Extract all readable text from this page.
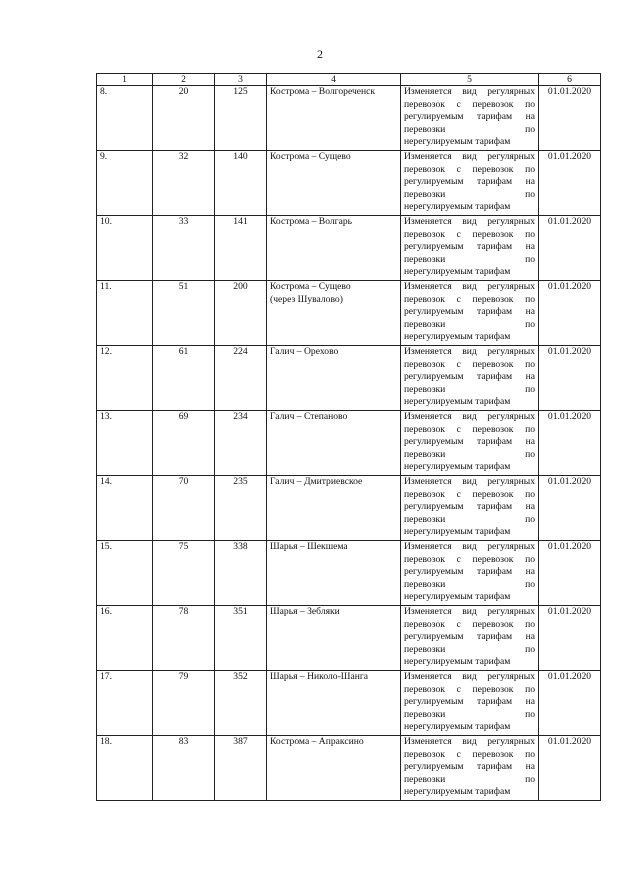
2
1	2	3	4	5	6
8.	20	125	Кострома – Волгореченск	Изменяется вид регулярных
перевозок с перевозок по
регулируемым тарифам на
перевозки по
нерегулируемым тарифам	01.01.2020
9.	32	140	Кострома – Сущево	Изменяется вид регулярных
перевозок с перевозок по
регулируемым тарифам на
перевозки по
нерегулируемым тарифам	01.01.2020
10.	33	141	Кострома – Волгарь	Изменяется вид регулярных
перевозок с перевозок по
регулируемым тарифам на
перевозки по
нерегулируемым тарифам	01.01.2020
11.	51	200	Кострома – Сущево
(через Шувалово)	Изменяется вид регулярных
перевозок с перевозок по
регулируемым тарифам на
перевозки по
нерегулируемым тарифам	01.01.2020
12.	61	224	Галич – Орехово	Изменяется вид регулярных
перевозок с перевозок по
регулируемым тарифам на
перевозки по
нерегулируемым тарифам	01.01.2020
13.	69	234	Галич – Степаново	Изменяется вид регулярных
перевозок с перевозок по
регулируемым тарифам на
перевозки по
нерегулируемым тарифам	01.01.2020
14.	70	235	Галич – Дмитриевское	Изменяется вид регулярных
перевозок с перевозок по
регулируемым тарифам на
перевозки по
нерегулируемым тарифам	01.01.2020
15.	75	338	Шарья – Шекшема	Изменяется вид регулярных
перевозок с перевозок по
регулируемым тарифам на
перевозки по
нерегулируемым тарифам	01.01.2020
16.	78	351	Шарья – Зебляки	Изменяется вид регулярных
перевозок с перевозок по
регулируемым тарифам на
перевозки по
нерегулируемым тарифам	01.01.2020
17.	79	352	Шарья – Николо-Шанга	Изменяется вид регулярных
перевозок с перевозок по
регулируемым тарифам на
перевозки по
нерегулируемым тарифам	01.01.2020
18.	83	387	Кострома – Апраксино	Изменяется вид регулярных
перевозок с перевозок по
регулируемым тарифам на
перевозки по
нерегулируемым тарифам	01.01.2020
